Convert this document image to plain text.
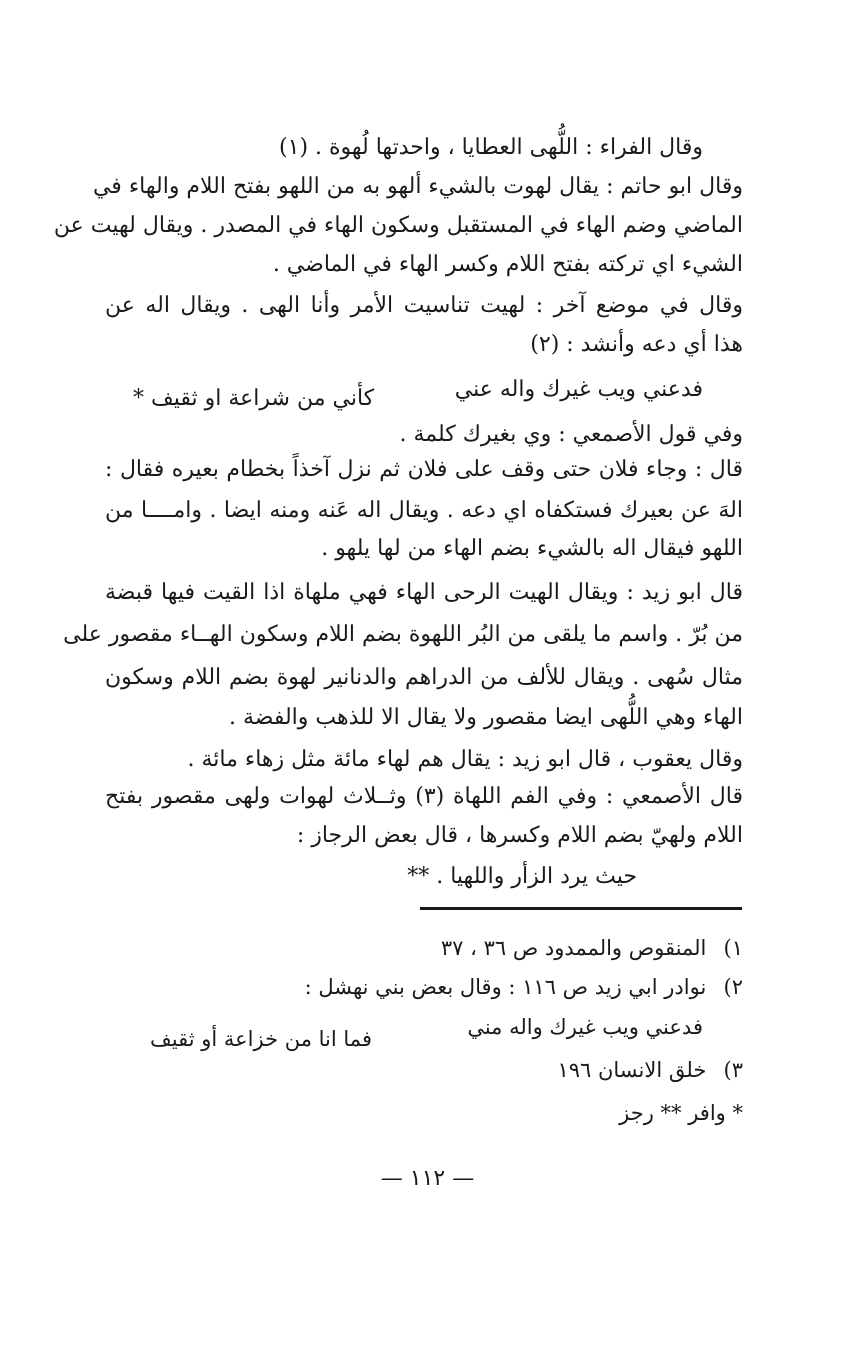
وقال الفراء : اللُّهى العطايا ، واحدتها لُهوة . (١)
وقال ابو حاتم : يقال لهوت بالشيء ألهو به من اللهو بفتح اللام والهاء في
الماضي وضم الهاء في المستقبل وسكون الهاء في المصدر . ويقال لهيت عن
الشيء اي تركته بفتح اللام وكسر الهاء في الماضي .
وقال في موضع آخر : لهيت تناسيت الأمر وأنا الهى . ويقال اله عن
هذا أي دعه وأنشد : (٢)
فدعني ويب غيرك واله عني
كأني من شراعة او ثقيف *
وفي قول الأصمعي : وي بغيرك كلمة .
قال : وجاء فلان حتى وقف على فلان ثم نزل آخذاً بخطام بعيره فقال :
الهَ عن بعيرك فستكفاه اي دعه . ويقال اله عَنه ومنه ايضا . وامــــا من
اللهو فيقال اله بالشيء بضم الهاء من لها يلهو .
قال ابو زيد : ويقال الهيت الرحى الهاء فهي ملهاة اذا القيت فيها قبضة
من بُرّ . واسم ما يلقى من البُر اللهوة بضم اللام وسكون الهــاء مقصور على
مثال سُهى . ويقال للألف من الدراهم والدنانير لهوة بضم اللام وسكون
الهاء وهي اللُّهى ايضا مقصور ولا يقال الا للذهب والفضة .
وقال يعقوب ، قال ابو زيد : يقال هم لهاء مائة مثل زهاء مائة .
قال الأصمعي : وفي الفم اللهاة (٣) وثــلاث لهوات ولهى مقصور بفتح
اللام ولهيّ بضم اللام وكسرها ، قال بعض الرجاز :
حيث يرد الزأر واللهيا . **
١) المنقوص والممدود ص ٣٦ ، ٣٧
٢) نوادر ابي زيد ص ١١٦ : وقال بعض بني نهشل :
فدعني ويب غيرك واله مني
فما انا من خزاعة أو ثقيف
٣) خلق الانسان ١٩٦
* وافر ** رجز
— ١١٢ —
